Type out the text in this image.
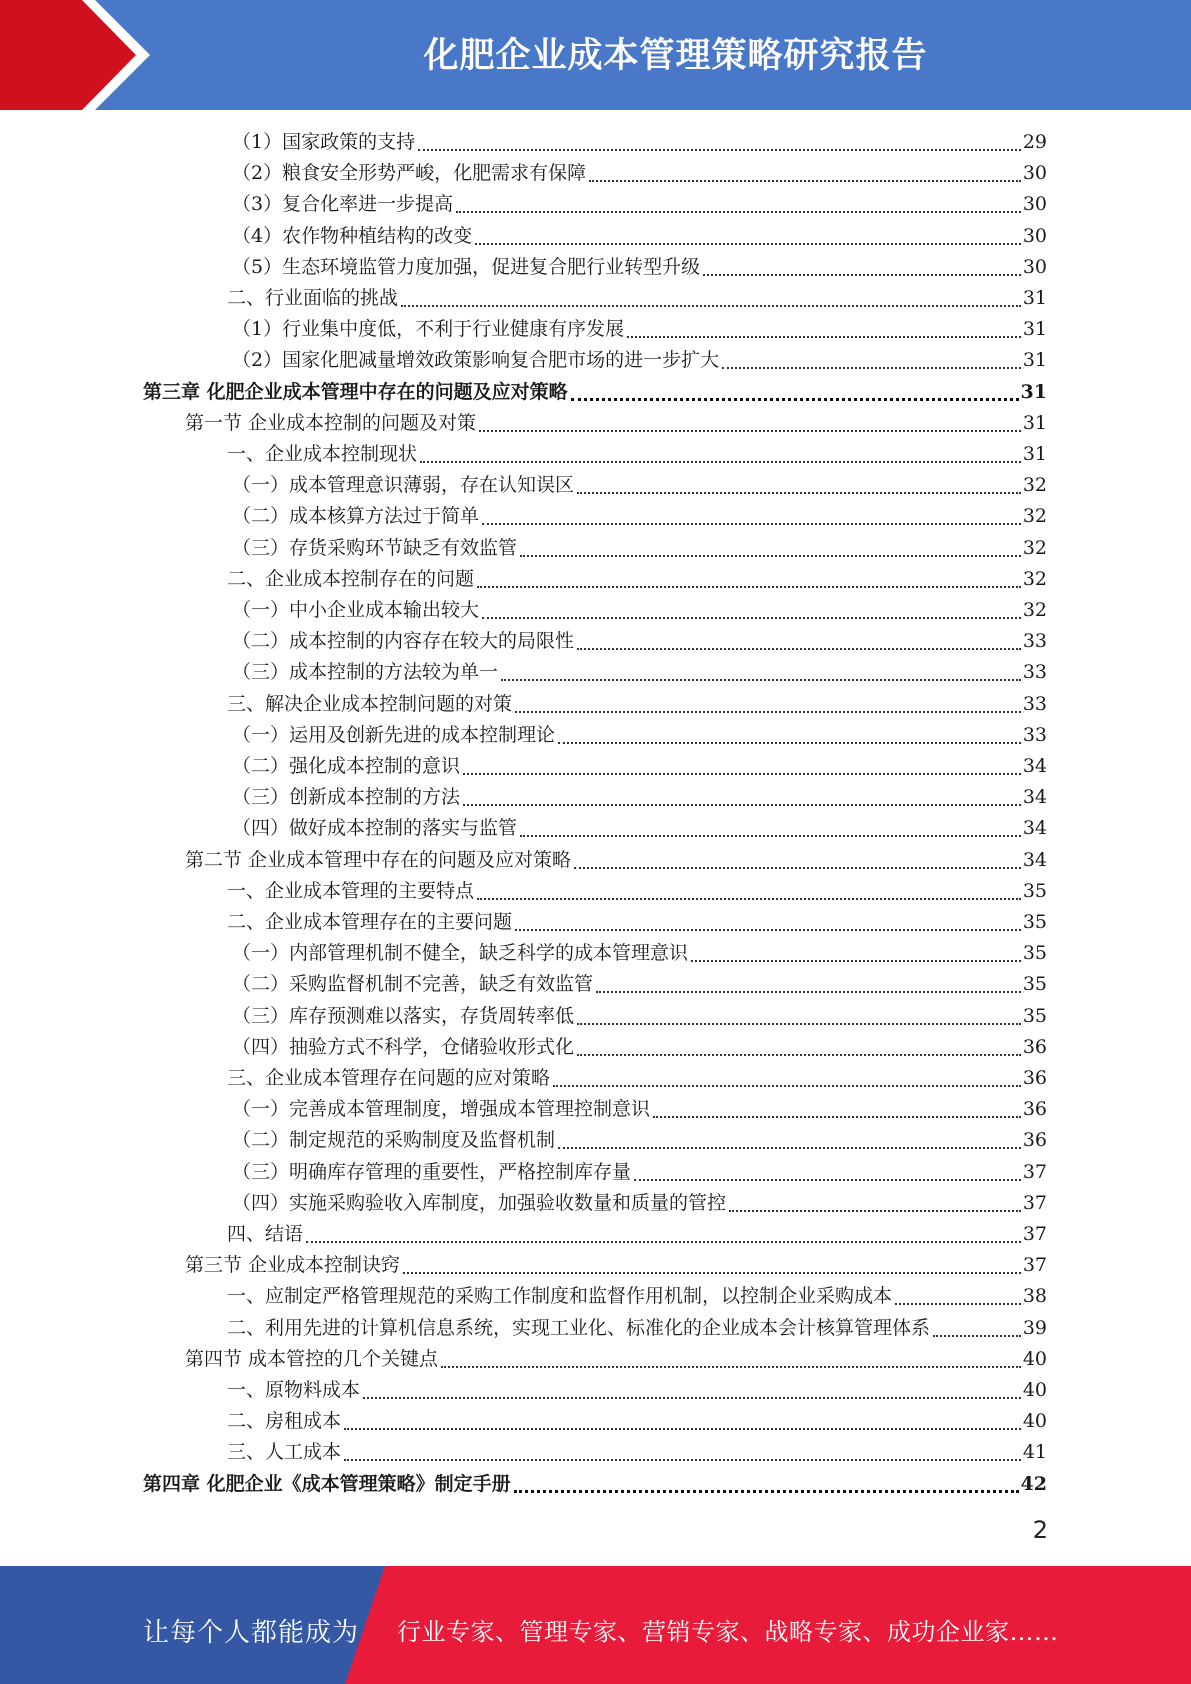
化肥企业成本管理策略研究报告
（1）国家政策的支持	29
（2）粮食安全形势严峻，化肥需求有保障	30
（3）复合化率进一步提高	30
（4）农作物种植结构的改变	30
（5）生态环境监管力度加强，促进复合肥行业转型升级	30
二、行业面临的挑战	31
（1）行业集中度低，不利于行业健康有序发展	31
（2）国家化肥减量增效政策影响复合肥市场的进一步扩大	31
第三章 化肥企业成本管理中存在的问题及应对策略	31
第一节 企业成本控制的问题及对策	31
一、企业成本控制现状	31
（一）成本管理意识薄弱，存在认知误区	32
（二）成本核算方法过于简单	32
（三）存货采购环节缺乏有效监管	32
二、企业成本控制存在的问题	32
（一）中小企业成本输出较大	32
（二）成本控制的内容存在较大的局限性	33
（三）成本控制的方法较为单一	33
三、解决企业成本控制问题的对策	33
（一）运用及创新先进的成本控制理论	33
（二）强化成本控制的意识	34
（三）创新成本控制的方法	34
（四）做好成本控制的落实与监管	34
第二节 企业成本管理中存在的问题及应对策略	34
一、企业成本管理的主要特点	35
二、企业成本管理存在的主要问题	35
（一）内部管理机制不健全，缺乏科学的成本管理意识	35
（二）采购监督机制不完善，缺乏有效监管	35
（三）库存预测难以落实，存货周转率低	35
（四）抽验方式不科学，仓储验收形式化	36
三、企业成本管理存在问题的应对策略	36
（一）完善成本管理制度，增强成本管理控制意识	36
（二）制定规范的采购制度及监督机制	36
（三）明确库存管理的重要性，严格控制库存量	37
（四）实施采购验收入库制度，加强验收数量和质量的管控	37
四、结语	37
第三节 企业成本控制诀窍	37
一、应制定严格管理规范的采购工作制度和监督作用机制，以控制企业采购成本	38
二、利用先进的计算机信息系统，实现工业化、标准化的企业成本会计核算管理体系	39
第四节 成本管控的几个关键点	40
一、原物料成本	40
二、房租成本	40
三、人工成本	41
第四章 化肥企业《成本管理策略》制定手册	42
2
让每个人都能成为 行业专家、管理专家、营销专家、战略专家、成功企业家……
